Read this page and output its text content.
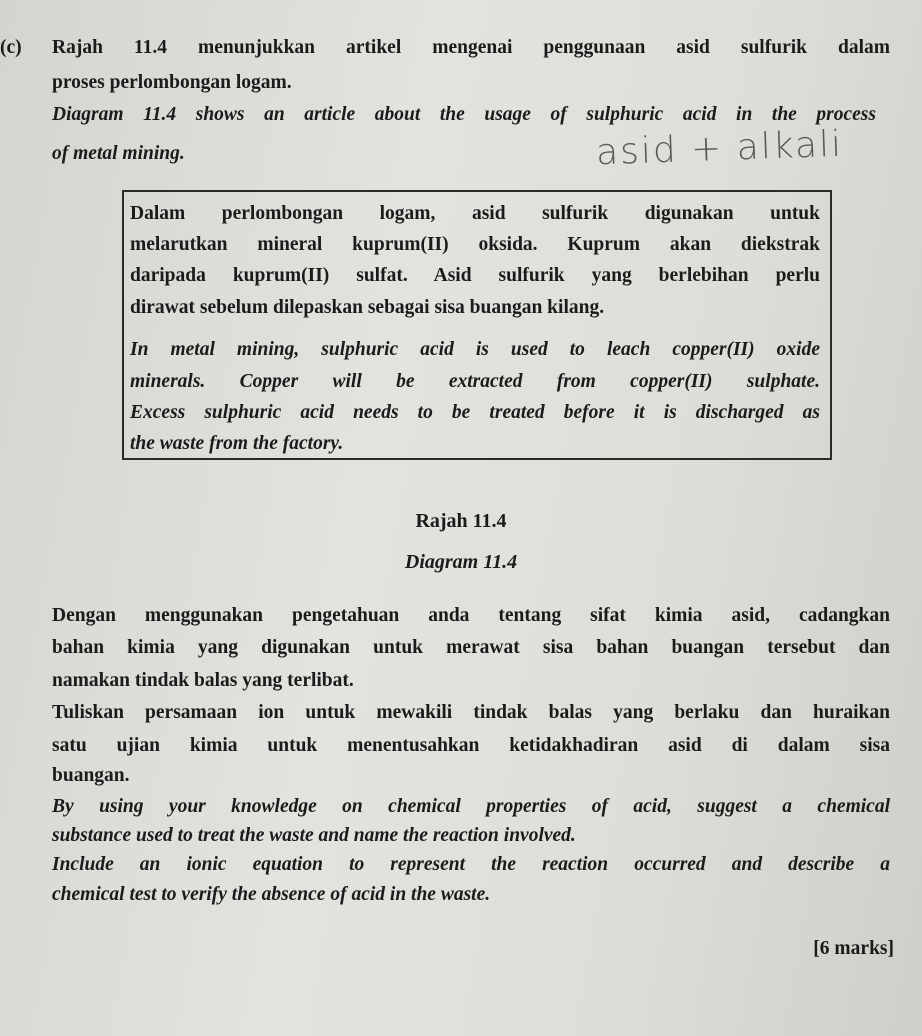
(c) Rajah 11.4 menunjukkan artikel mengenai penggunaan asid sulfurik dalam
proses perlombongan logam.
Diagram 11.4 shows an article about the usage of sulphuric acid in the process
of metal mining.	asid + alkali
Dalam perlombongan logam, asid sulfurik digunakan untuk
melarutkan mineral kuprum(II) oksida. Kuprum akan diekstrak
daripada kuprum(II) sulfat. Asid sulfurik yang berlebihan perlu
dirawat sebelum dilepaskan sebagai sisa buangan kilang.
In metal mining, sulphuric acid is used to leach copper(II) oxide
minerals. Copper will be extracted from copper(II) sulphate.
Excess sulphuric acid needs to be treated before it is discharged as
the waste from the factory.
Rajah 11.4
Diagram 11.4
Dengan menggunakan pengetahuan anda tentang sifat kimia asid, cadangkan
bahan kimia yang digunakan untuk merawat sisa bahan buangan tersebut dan
namakan tindak balas yang terlibat.
Tuliskan persamaan ion untuk mewakili tindak balas yang berlaku dan huraikan
satu ujian kimia untuk menentusahkan ketidakhadiran asid di dalam sisa
buangan.
By using your knowledge on chemical properties of acid, suggest a chemical
substance used to treat the waste and name the reaction involved.
Include an ionic equation to represent the reaction occurred and describe a
chemical test to verify the absence of acid in the waste.
[6 marks]
